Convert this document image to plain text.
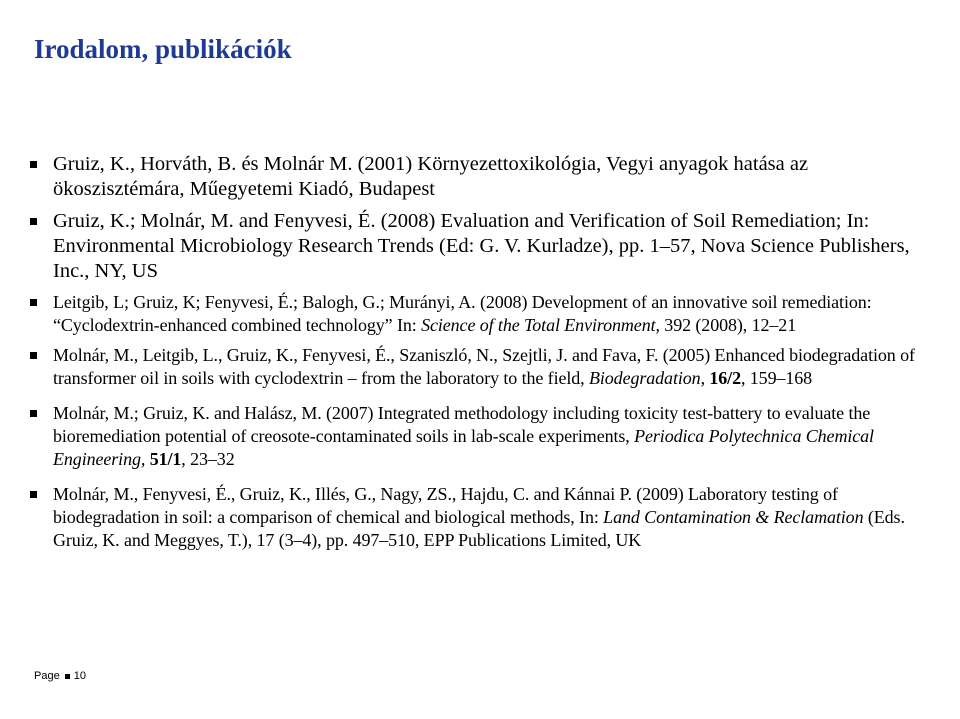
Irodalom, publikációk
Gruiz, K., Horváth, B. és Molnár M. (2001) Környezettoxikológia, Vegyi anyagok hatása az ökoszisztémára, Műegyetemi Kiadó, Budapest
Gruiz, K.; Molnár, M. and Fenyvesi, É. (2008) Evaluation and Verification of Soil Remediation; In: Environmental Microbiology Research Trends (Ed: G. V. Kurladze), pp. 1–57, Nova Science Publishers, Inc., NY, US
Leitgib, L; Gruiz, K; Fenyvesi, É.; Balogh, G.; Murányi, A. (2008) Development of an innovative soil remediation: “Cyclodextrin-enhanced combined technology” In: Science of the Total Environment, 392 (2008), 12–21
Molnár, M., Leitgib, L., Gruiz, K., Fenyvesi, É., Szaniszló, N., Szejtli, J. and Fava, F. (2005) Enhanced biodegradation of transformer oil in soils with cyclodextrin – from the laboratory to the field, Biodegradation, 16/2, 159–168
Molnár, M.; Gruiz, K. and Halász, M. (2007) Integrated methodology including toxicity test-battery to evaluate the bioremediation potential of creosote-contaminated soils in lab-scale experiments, Periodica Polytechnica Chemical Engineering, 51/1, 23–32
Molnár, M., Fenyvesi, É., Gruiz, K., Illés, G., Nagy, ZS., Hajdu, C. and Kánnai P. (2009) Laboratory testing of biodegradation in soil: a comparison of chemical and biological methods, In: Land Contamination & Reclamation (Eds. Gruiz, K. and Meggyes, T.), 17 (3–4), pp. 497–510, EPP Publications Limited, UK
Page 10
